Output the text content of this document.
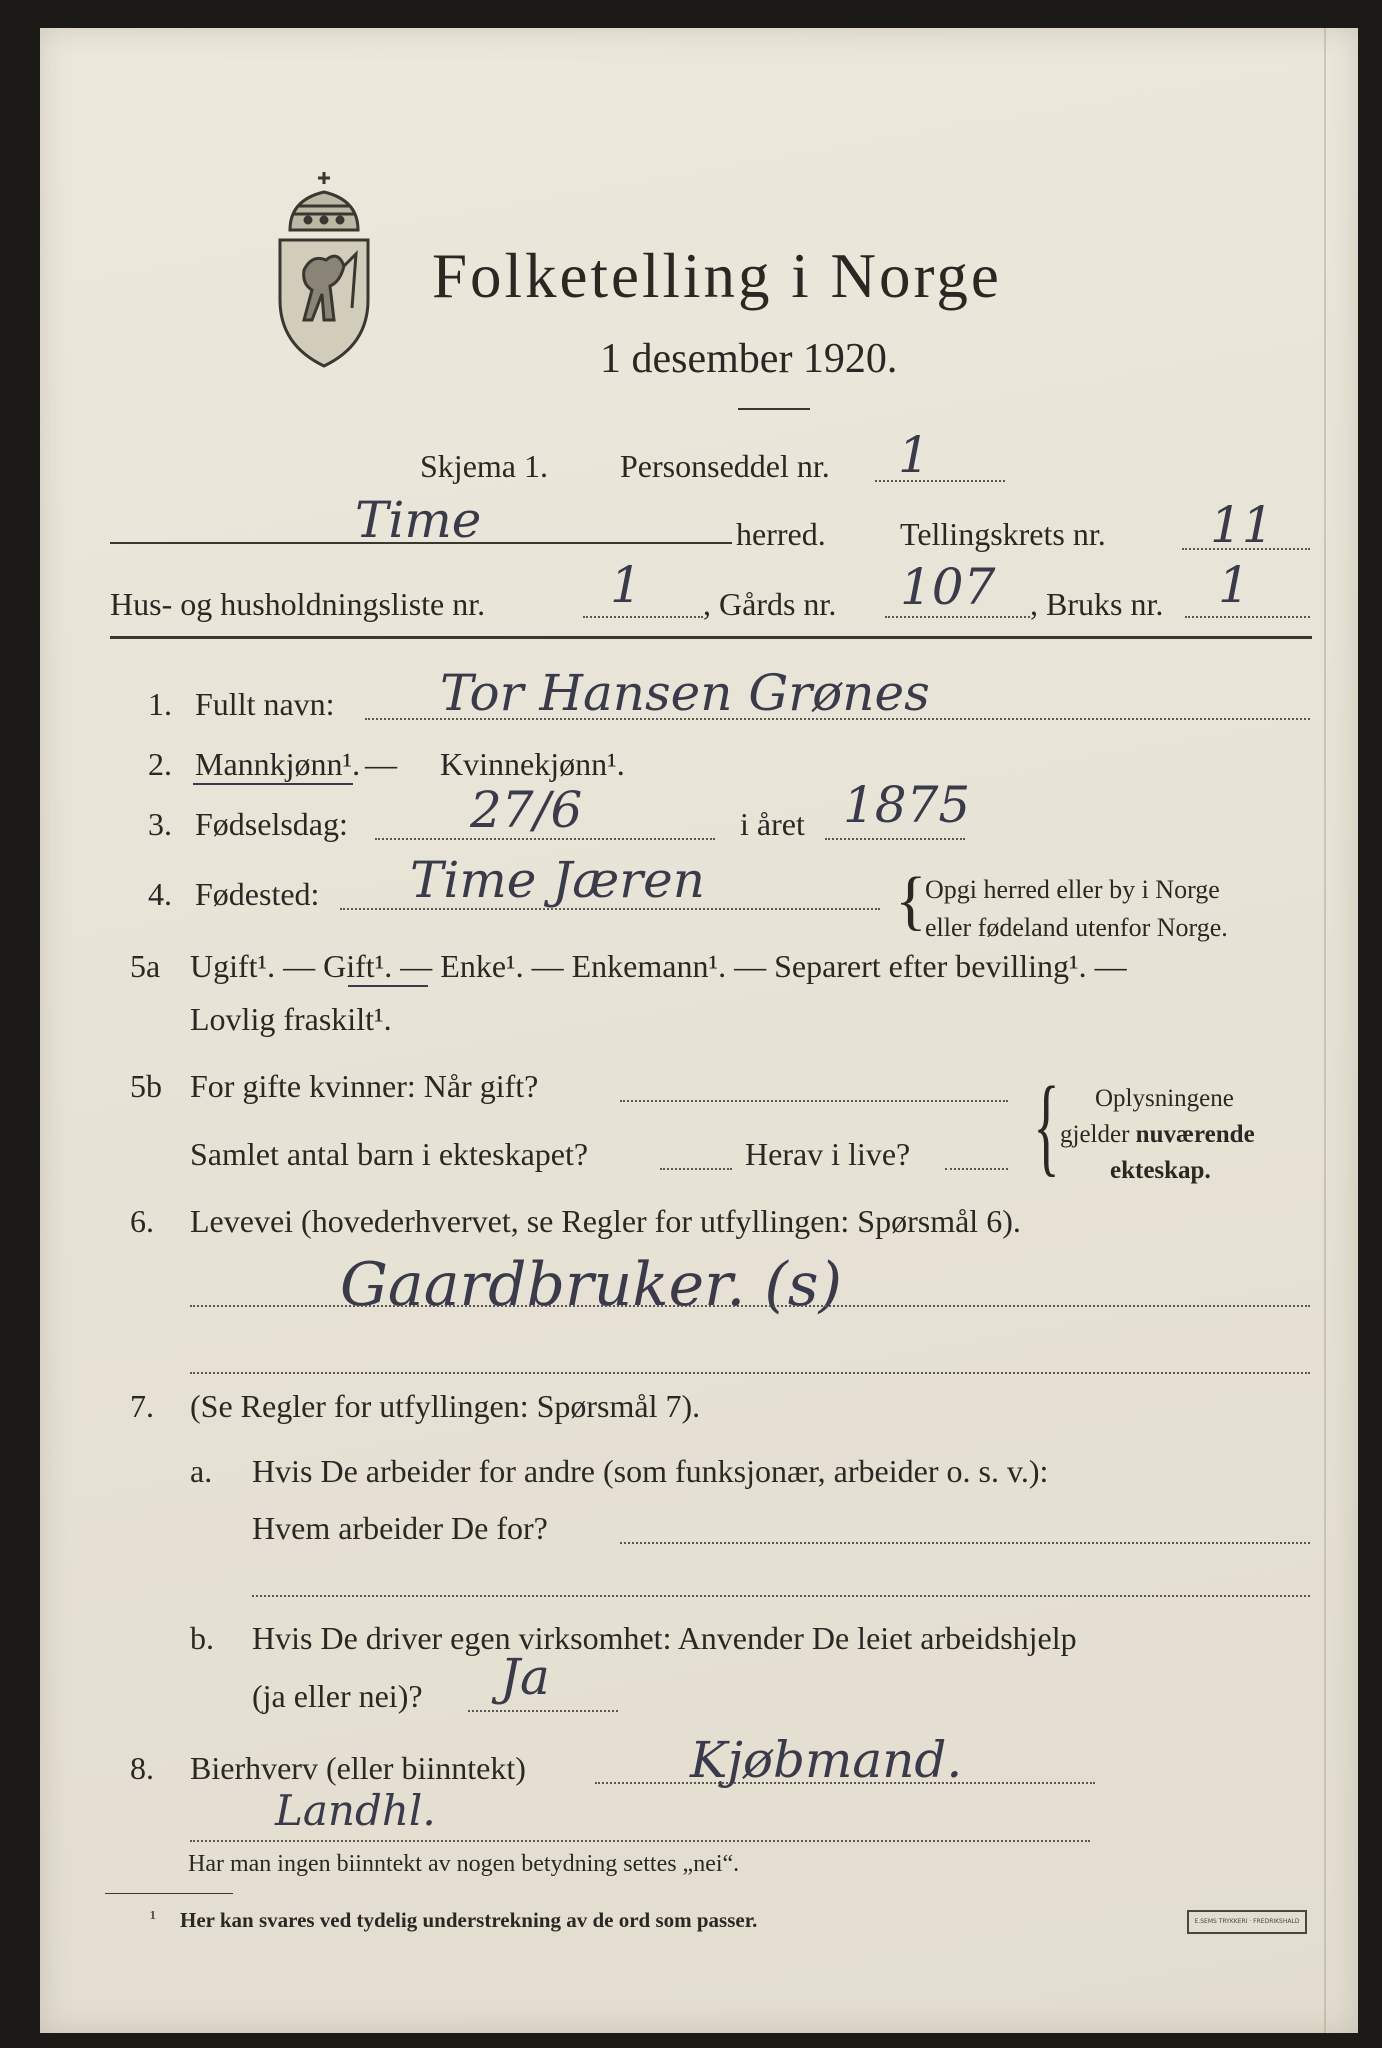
Folketelling i Norge
1 desember 1920.
Skjema 1. Personseddel nr. 1
Time	herred. Tellingskrets nr. 11
Hus- og husholdningsliste nr. 1 , Gårds nr. 107 , Bruks nr. 1
1. Fullt navn: Tor Hansen Grønes
2. Mannkjønn¹. — Kvinnekjønn¹.
3. Fødselsdag: 27/6	i året 1875
4. Fødested: Time Jæren	{
Opgi herred eller by i Norge
eller fødeland utenfor Norge.
5a Ugift¹. — Gift¹. — Enke¹. — Enkemann¹. — Separert efter bevilling¹. —
Lovlig fraskilt¹.
5b For gifte kvinner: Når gift?
Samlet antal barn i ekteskapet?	Herav i live? { Oplysningene
gjelder nuværende
ekteskap.
6. Levevei (hovederhvervet, se Regler for utfyllingen: Spørsmål 6).
Gaardbruker. (s)
7. (Se Regler for utfyllingen: Spørsmål 7).
a. Hvis De arbeider for andre (som funksjonær, arbeider o. s. v.):
Hvem arbeider De for?
b. Hvis De driver egen virksomhet: Anvender De leiet arbeidshjelp
(ja eller nei)? Ja
8. Bierhverv (eller biinntekt)	Kjøbmand.
Landhl.
Har man ingen biinntekt av nogen betydning settes „nei“.
¹ Her kan svares ved tydelig understrekning av de ord som passer.	E.SEMS TRYKKERI · FREDRIKSHALD
